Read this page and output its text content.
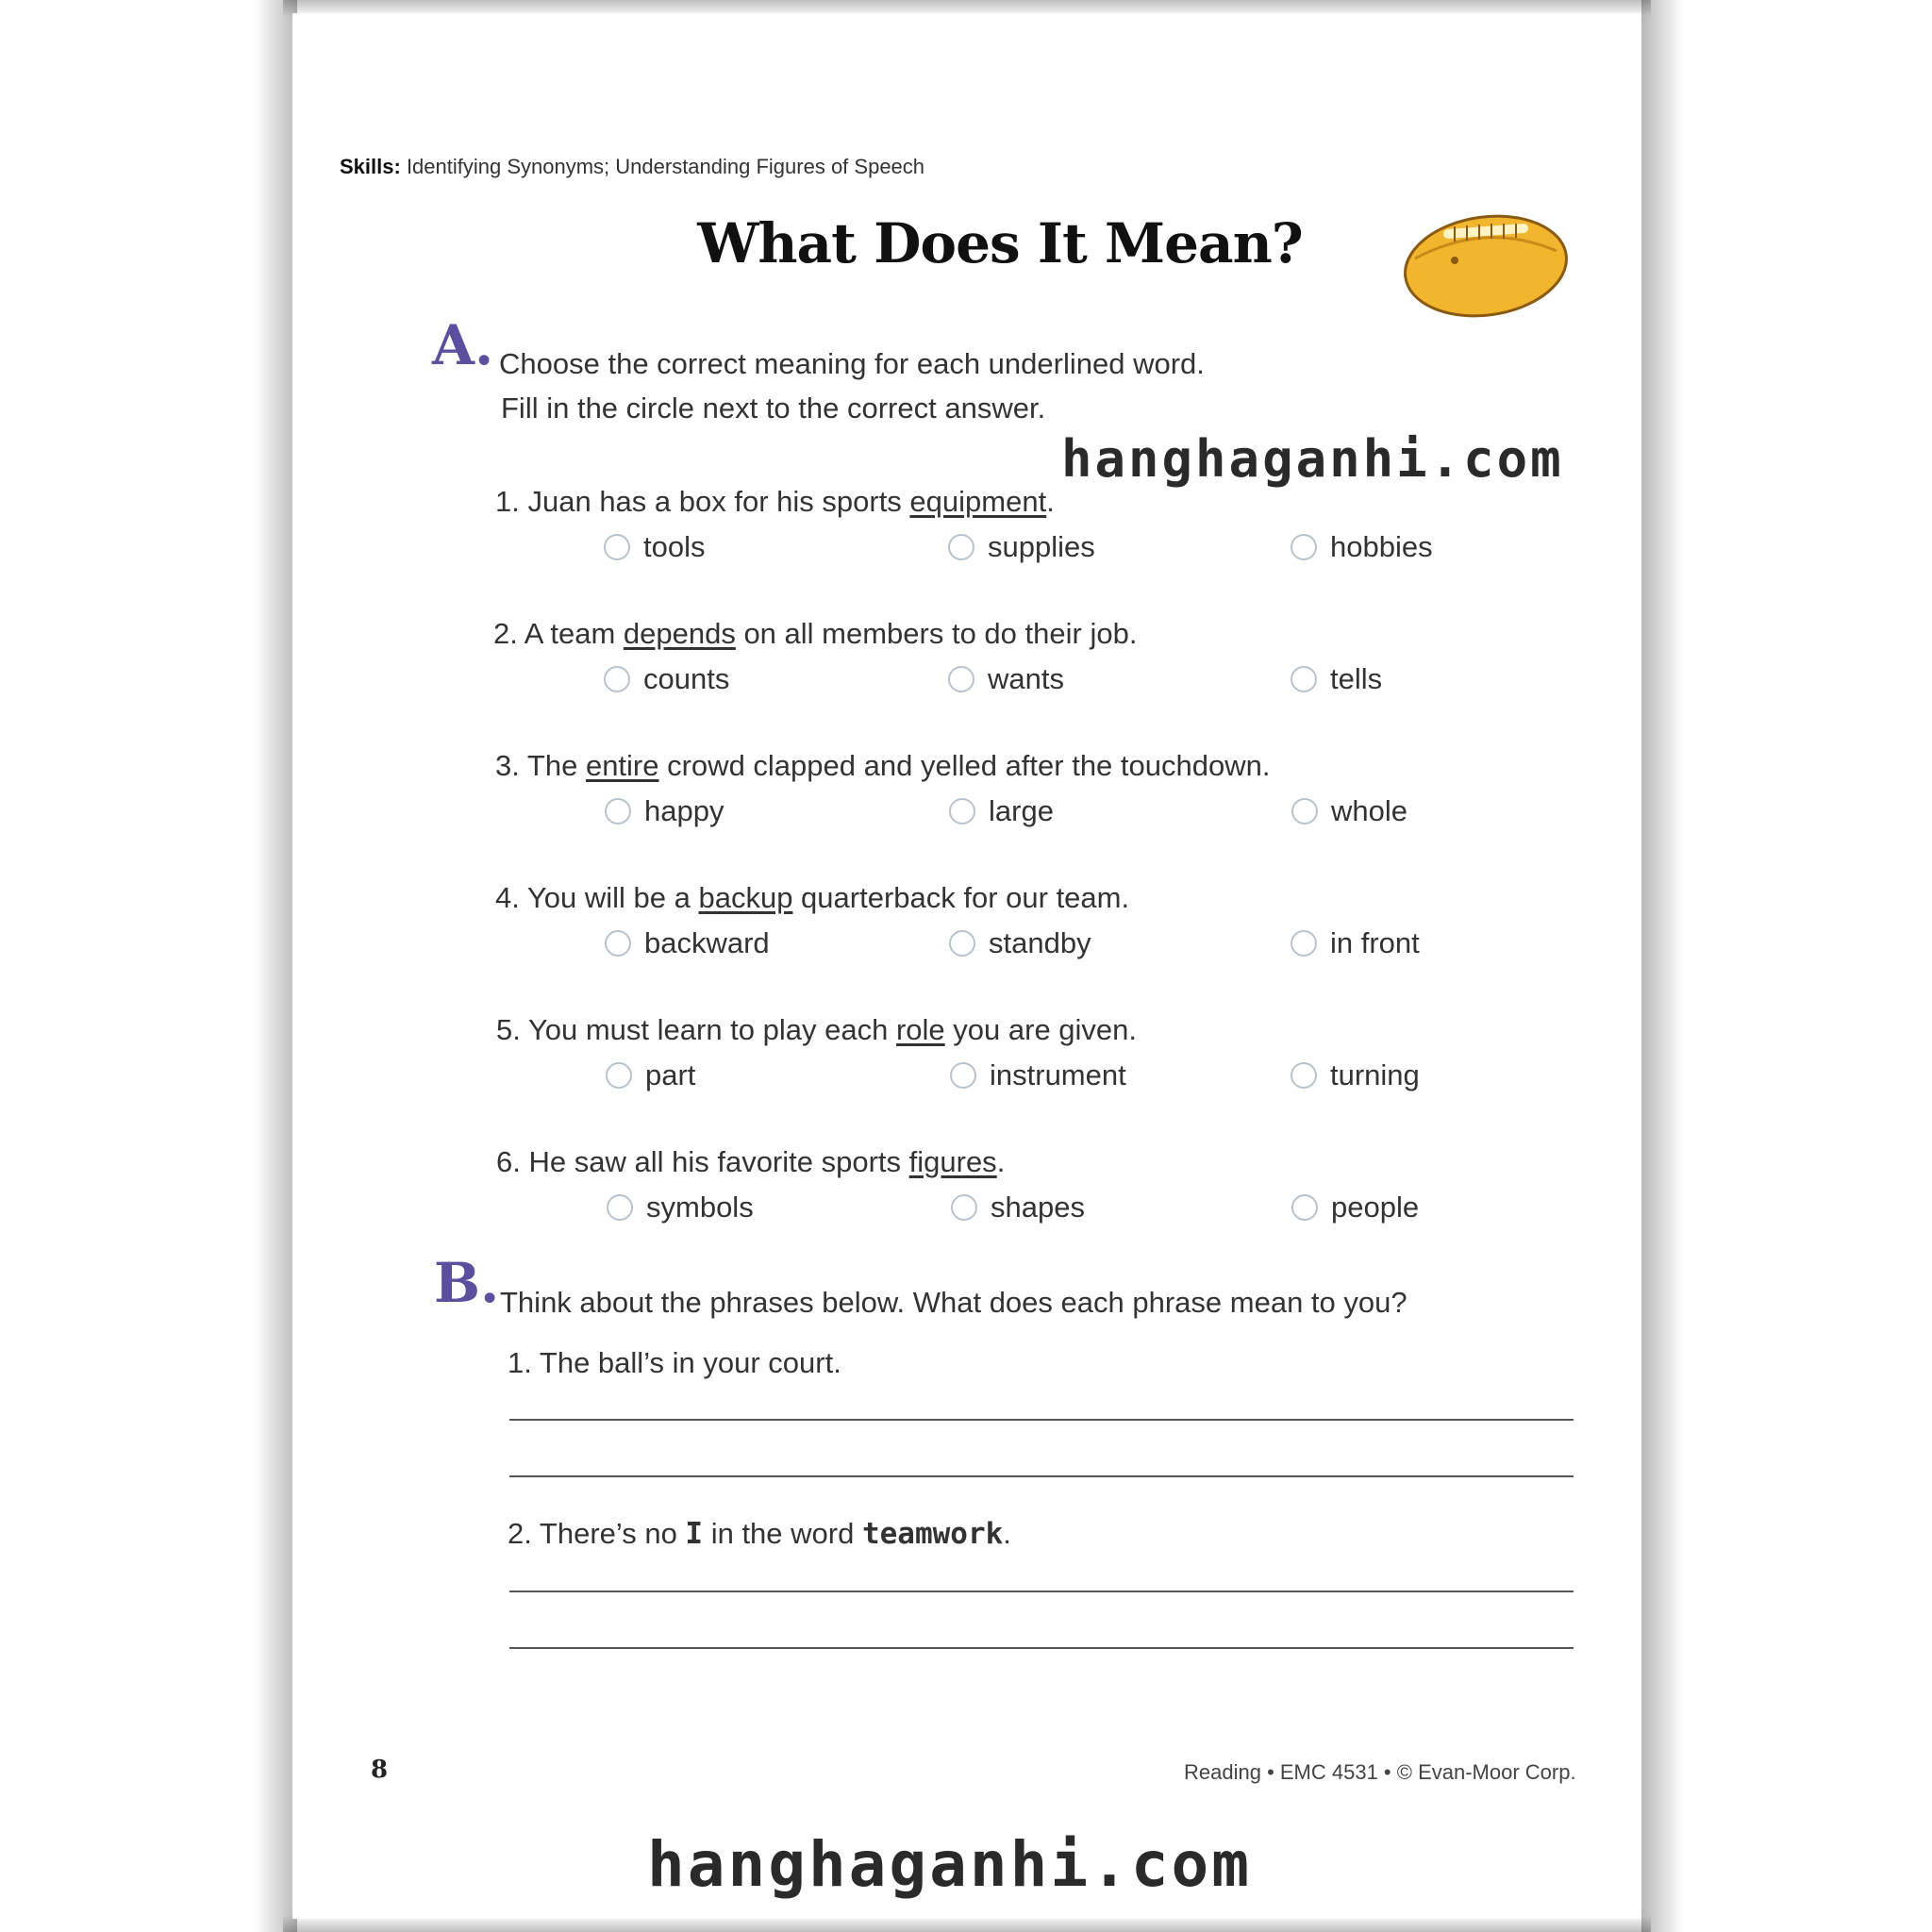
Skills: Identifying Synonyms; Understanding Figures of Speech
What Does It Mean?
A. Choose the correct meaning for each underlined word.
Fill in the circle next to the correct answer.
1. Juan has a box for his sports equipment.
tools	supplies	hobbies
2. A team depends on all members to do their job.
counts	wants	tells
3. The entire crowd clapped and yelled after the touchdown.
happy	large	whole
4. You will be a backup quarterback for our team.
backward	standby	in front
5. You must learn to play each role you are given.
part	instrument	turning
6. He saw all his favorite sports figures.
symbols	shapes	people
B. Think about the phrases below. What does each phrase mean to you?
1. The ball’s in your court.
2. There’s no I in the word teamwork.
8	Reading • EMC 4531 • © Evan-Moor Corp.
hanghaganhi.com
hanghaganhi.com
